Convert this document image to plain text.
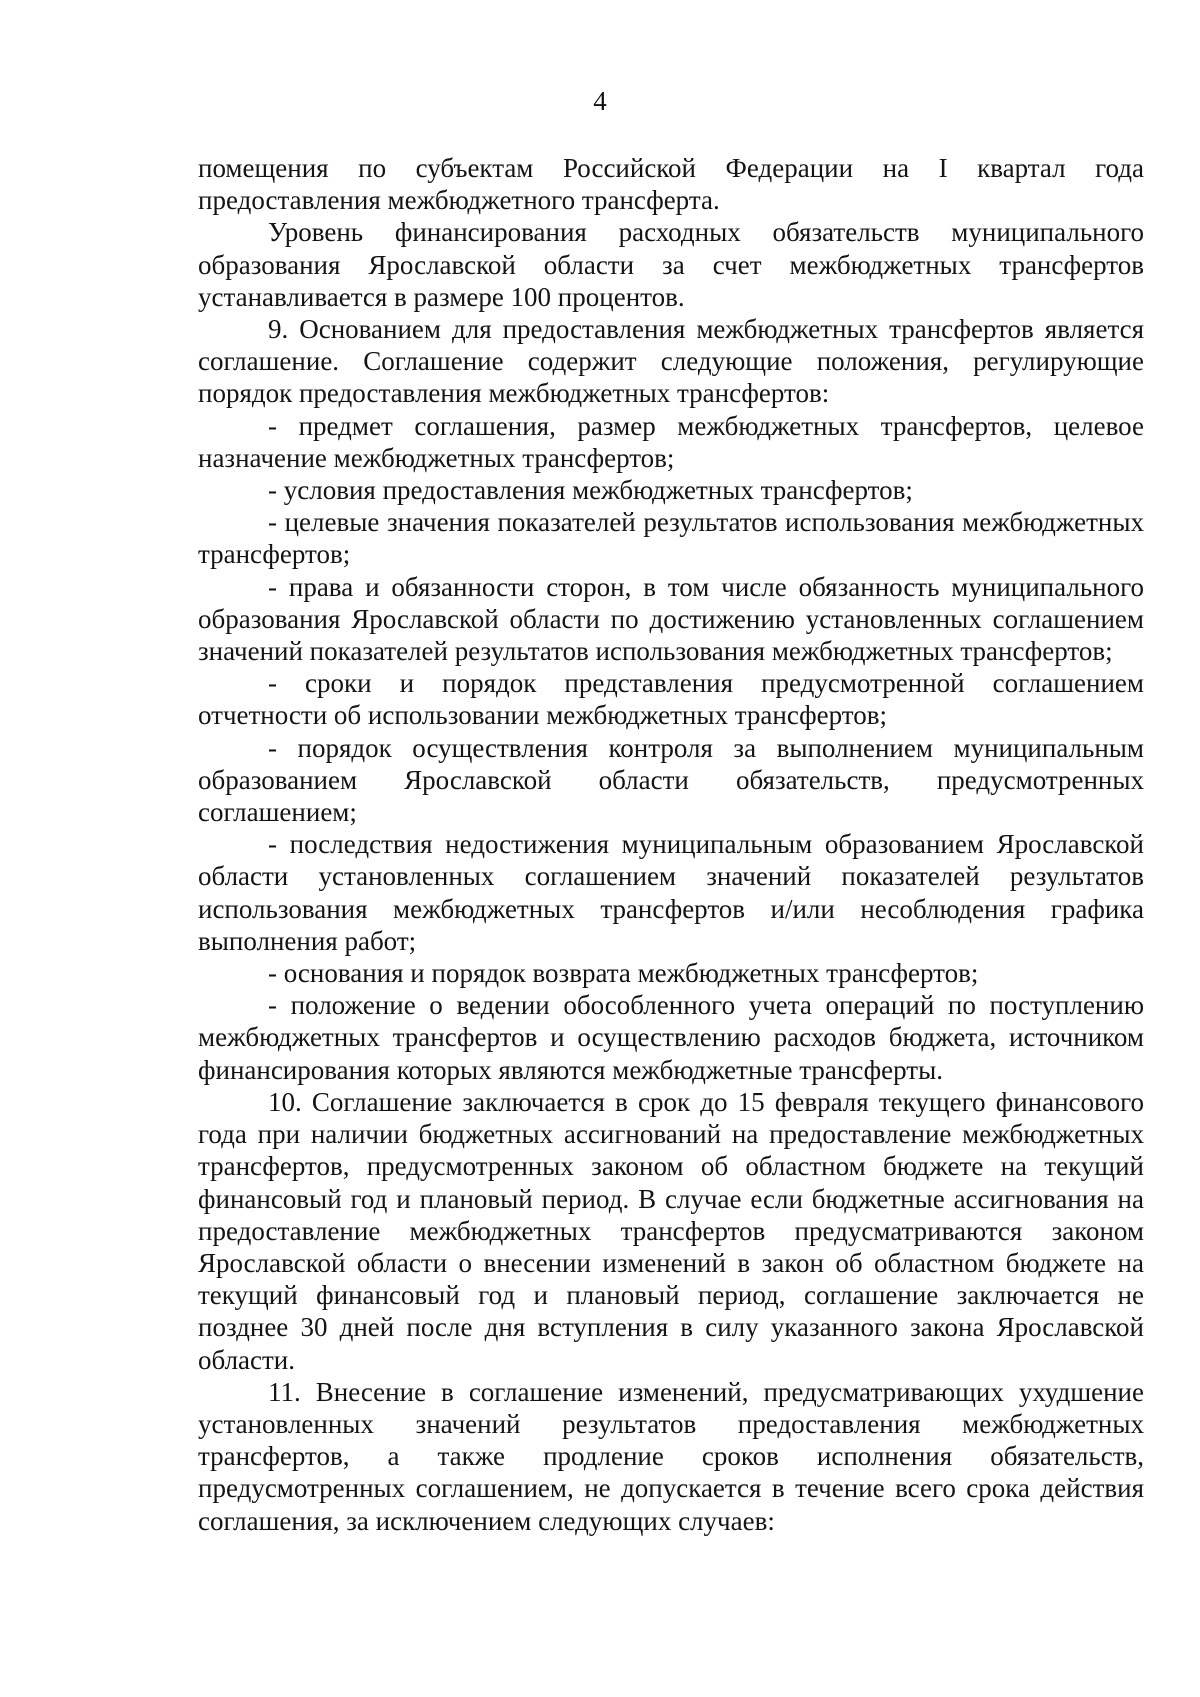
4

помещения по субъектам Российской Федерации на I квартал года предоставления межбюджетного трансферта.

Уровень финансирования расходных обязательств муниципального образования Ярославской области за счет межбюджетных трансфертов устанавливается в размере 100 процентов.

9. Основанием для предоставления межбюджетных трансфертов является соглашение. Соглашение содержит следующие положения, регулирующие порядок предоставления межбюджетных трансфертов:

- предмет соглашения, размер межбюджетных трансфертов, целевое назначение межбюджетных трансфертов;

- условия предоставления межбюджетных трансфертов;

- целевые значения показателей результатов использования межбюджетных трансфертов;

- права и обязанности сторон, в том числе обязанность муниципального образования Ярославской области по достижению установленных соглашением значений показателей результатов использования межбюджетных трансфертов;

- сроки и порядок представления предусмотренной соглашением отчетности об использовании межбюджетных трансфертов;

- порядок осуществления контроля за выполнением муниципальным образованием Ярославской области обязательств, предусмотренных соглашением;

- последствия недостижения муниципальным образованием Ярославской области установленных соглашением значений показателей результатов использования межбюджетных трансфертов и/или несоблюдения графика выполнения работ;

- основания и порядок возврата межбюджетных трансфертов;

- положение о ведении обособленного учета операций по поступлению межбюджетных трансфертов и осуществлению расходов бюджета, источником финансирования которых являются межбюджетные трансферты.

10. Соглашение заключается в срок до 15 февраля текущего финансового года при наличии бюджетных ассигнований на предоставление межбюджетных трансфертов, предусмотренных законом об областном бюджете на текущий финансовый год и плановый период. В случае если бюджетные ассигнования на предоставление межбюджетных трансфертов предусматриваются законом Ярославской области о внесении изменений в закон об областном бюджете на текущий финансовый год и плановый период, соглашение заключается не позднее 30 дней после дня вступления в силу указанного закона Ярославской области.

11. Внесение в соглашение изменений, предусматривающих ухудшение установленных значений результатов предоставления межбюджетных трансфертов, а также продление сроков исполнения обязательств, предусмотренных соглашением, не допускается в течение всего срока действия соглашения, за исключением следующих случаев:
